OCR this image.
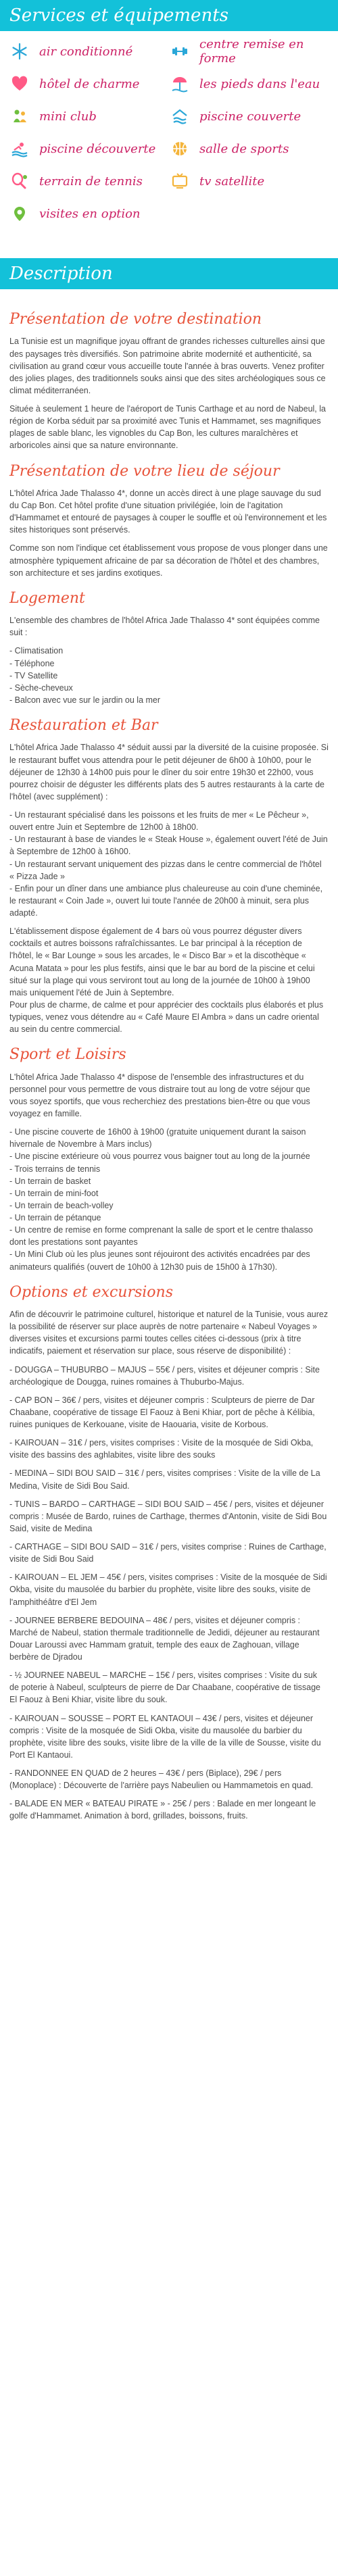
Services et équipements
air conditionné	centre remise en forme
hôtel de charme	les pieds dans l'eau
mini club	piscine couverte
piscine découverte	salle de sports
terrain de tennis	tv satellite
visites en option
Description
Présentation de votre destination

La Tunisie est un magnifique joyau offrant de grandes richesses culturelles ainsi que des paysages très diversifiés. Son patrimoine abrite modernité et authenticité, sa civilisation au grand cœur vous accueille toute l'année à bras ouverts. Venez profiter des jolies plages, des traditionnels souks ainsi que des sites archéologiques sous ce climat méditerranéen.

Située à seulement 1 heure de l'aéroport de Tunis Carthage et au nord de Nabeul, la région de Korba séduit par sa proximité avec Tunis et Hammamet, ses magnifiques plages de sable blanc, les vignobles du Cap Bon, les cultures maraîchères et arboricoles ainsi que sa nature environnante.

Présentation de votre lieu de séjour

L'hôtel Africa Jade Thalasso 4*, donne un accès direct à une plage sauvage du sud du Cap Bon. Cet hôtel profite d'une situation privilégiée, loin de l'agitation d'Hammamet et entouré de paysages à couper le souffle et où l'environnement et les sites historiques sont préservés.

Comme son nom l'indique cet établissement vous propose de vous plonger dans une atmosphère typiquement africaine de par sa décoration de l'hôtel et des chambres, son architecture et ses jardins exotiques.

Logement

L'ensemble des chambres de l'hôtel Africa Jade Thalasso 4* sont équipées comme suit :

- Climatisation
- Téléphone
- TV Satellite
- Sèche-cheveux
- Balcon avec vue sur le jardin ou la mer

Restauration et Bar

L'hôtel Africa Jade Thalasso 4* séduit aussi par la diversité de la cuisine proposée. Si le restaurant buffet vous attendra pour le petit déjeuner de 6h00 à 10h00, pour le déjeuner de 12h30 à 14h00 puis pour le dîner du soir entre 19h30 et 22h00, vous pourrez choisir de déguster les différents plats des 5 autres restaurants à la carte de l'hôtel (avec supplément) :

- Un restaurant spécialisé dans les poissons et les fruits de mer « Le Pêcheur », ouvert entre Juin et Septembre de 12h00 à 18h00.
- Un restaurant à base de viandes le « Steak House », également ouvert l'été de Juin à Septembre de 12h00 à 16h00.
- Un restaurant servant uniquement des pizzas dans le centre commercial de l'hôtel « Pizza Jade »
- Enfin pour un dîner dans une ambiance plus chaleureuse au coin d'une cheminée, le restaurant « Coin Jade », ouvert lui toute l'année de 20h00 à minuit, sera plus adapté.

L'établissement dispose également de 4 bars où vous pourrez déguster divers cocktails et autres boissons rafraîchissantes. Le bar principal à la réception de l'hôtel, le « Bar Lounge » sous les arcades, le « Disco Bar » et la discothèque « Acuna Matata » pour les plus festifs, ainsi que le bar au bord de la piscine et celui situé sur la plage qui vous serviront tout au long de la journée de 10h00 à 19h00 mais uniquement l'été de Juin à Septembre.
Pour plus de charme, de calme et pour apprécier des cocktails plus élaborés et plus typiques, venez vous détendre au « Café Maure El Ambra » dans un cadre oriental au sein du centre commercial.

Sport et Loisirs

L'hôtel Africa Jade Thalasso 4* dispose de l'ensemble des infrastructures et du personnel pour vous permettre de vous distraire tout au long de votre séjour que vous soyez sportifs, que vous recherchiez des prestations bien-être ou que vous voyagez en famille.

- Une piscine couverte de 16h00 à 19h00 (gratuite uniquement durant la saison hivernale de Novembre à Mars inclus)
- Une piscine extérieure où vous pourrez vous baigner tout au long de la journée
- Trois terrains de tennis
- Un terrain de basket
- Un terrain de mini-foot
- Un terrain de beach-volley
- Un terrain de pétanque
- Un centre de remise en forme comprenant la salle de sport et le centre thalasso dont les prestations sont payantes
- Un Mini Club où les plus jeunes sont réjouiront des activités encadrées par des animateurs qualifiés (ouvert de 10h00 à 12h30 puis de 15h00 à 17h30).

Options et excursions

Afin de découvrir le patrimoine culturel, historique et naturel de la Tunisie, vous aurez la possibilité de réserver sur place auprès de notre partenaire « Nabeul Voyages » diverses visites et excursions parmi toutes celles citées ci-dessous (prix à titre indicatifs, paiement et réservation sur place, sous réserve de disponibilité) :

- DOUGGA – THUBURBO – MAJUS – 55€ / pers, visites et déjeuner compris : Site archéologique de Dougga, ruines romaines à Thuburbo-Majus.

- CAP BON – 36€ / pers, visites et déjeuner compris : Sculpteurs de pierre de Dar Chaabane, coopérative de tissage El Faouz à Beni Khiar, port de pêche à Kélibia, ruines puniques de Kerkouane, visite de Haouaria, visite de Korbous.

- KAIROUAN – 31€ / pers, visites comprises : Visite de la mosquée de Sidi Okba, visite des bassins des aghlabites, visite libre des souks

- MEDINA – SIDI BOU SAID – 31€ / pers, visites comprises : Visite de la ville de La Medina, Visite de Sidi Bou Said.

- TUNIS – BARDO – CARTHAGE – SIDI BOU SAID – 45€ / pers, visites et déjeuner compris : Musée de Bardo, ruines de Carthage, thermes d'Antonin, visite de Sidi Bou Said, visite de Medina

- CARTHAGE – SIDI BOU SAID – 31€ / pers, visites comprise : Ruines de Carthage, visite de Sidi Bou Said

- KAIROUAN – EL JEM – 45€ / pers, visites comprises : Visite de la mosquée de Sidi Okba, visite du mausolée du barbier du prophète, visite libre des souks, visite de l'amphithéâtre d'El Jem

- JOURNEE BERBERE BEDOUINA – 48€ / pers, visites et déjeuner compris : Marché de Nabeul, station thermale traditionnelle de Jedidi, déjeuner au restaurant Douar Laroussi avec Hammam gratuit, temple des eaux de Zaghouan, village berbère de Djradou

- ½ JOURNEE NABEUL – MARCHE – 15€ / pers, visites comprises : Visite du suk de poterie à Nabeul, sculpteurs de pierre de Dar Chaabane, coopérative de tissage El Faouz à Beni Khiar, visite libre du souk.

- KAIROUAN – SOUSSE – PORT EL KANTAOUI – 43€ / pers, visites et déjeuner compris : Visite de la mosquée de Sidi Okba, visite du mausolée du barbier du prophète, visite libre des souks, visite libre de la ville de la ville de Sousse, visite du Port El Kantaoui.

- RANDONNEE EN QUAD de 2 heures – 43€ / pers (Biplace), 29€ / pers (Monoplace) : Découverte de l'arrière pays Nabeulien ou Hammametois en quad.

- BALADE EN MER « BATEAU PIRATE » - 25€ / pers : Balade en mer longeant le golfe d'Hammamet. Animation à bord, grillades, boissons, fruits.
